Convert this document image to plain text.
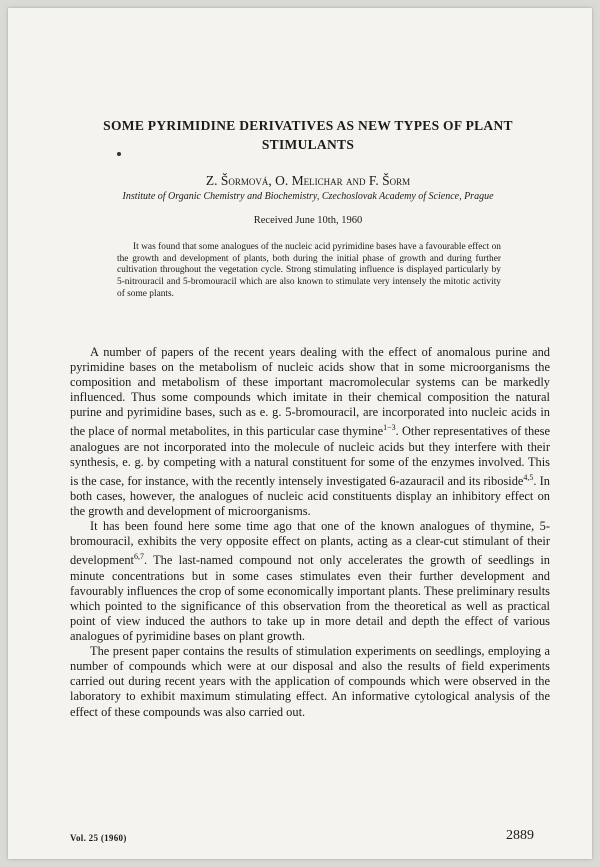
SOME PYRIMIDINE DERIVATIVES AS NEW TYPES OF PLANT STIMULANTS
Z. Šormová, O. Melichar and F. Šorm
Institute of Organic Chemistry and Biochemistry, Czechoslovak Academy of Science, Prague
Received June 10th, 1960

It was found that some analogues of the nucleic acid pyrimidine bases have a favourable effect on the growth and development of plants, both during the initial phase of growth and during further cultivation throughout the vegetation cycle. Strong stimulating influence is displayed particularly by 5-nitrouracil and 5-bromouracil which are also known to stimulate very intensely the mitotic activity of some plants.

A number of papers of the recent years dealing with the effect of anomalous purine and pyrimidine bases on the metabolism of nucleic acids show that in some microorganisms the composition and metabolism of these important macromolecular systems can be markedly influenced. Thus some compounds which imitate in their chemical composition the natural purine and pyrimidine bases, such as e. g. 5-bromouracil, are incorporated into nucleic acids in the place of normal metabolites, in this particular case thymine$^{1-3}$. Other representatives of these analogues are not incorporated into the molecule of nucleic acids but they interfere with their synthesis, e. g. by competing with a natural constituent for some of the enzymes involved. This is the case, for instance, with the recently intensely investigated 6-azauracil and its riboside$^{4,5}$. In both cases, however, the analogues of nucleic acid constituents display an inhibitory effect on the growth and development of microorganisms.

It has been found here some time ago that one of the known analogues of thymine, 5-bromouracil, exhibits the very opposite effect on plants, acting as a clear-cut stimulant of their development$^{6,7}$. The last-named compound not only accelerates the growth of seedlings in minute concentrations but in some cases stimulates even their further development and favourably influences the crop of some economically important plants. These preliminary results which pointed to the significance of this observation from the theoretical as well as practical point of view induced the authors to take up in more detail and depth the effect of various analogues of pyrimidine bases on plant growth.

The present paper contains the results of stimulation experiments on seedlings, employing a number of compounds which were at our disposal and also the results of field experiments carried out during recent years with the application of compounds which were observed in the laboratory to exhibit maximum stimulating effect. An informative cytological analysis of the effect of these compounds was also carried out.

Vol. 25 (1960)	2889
